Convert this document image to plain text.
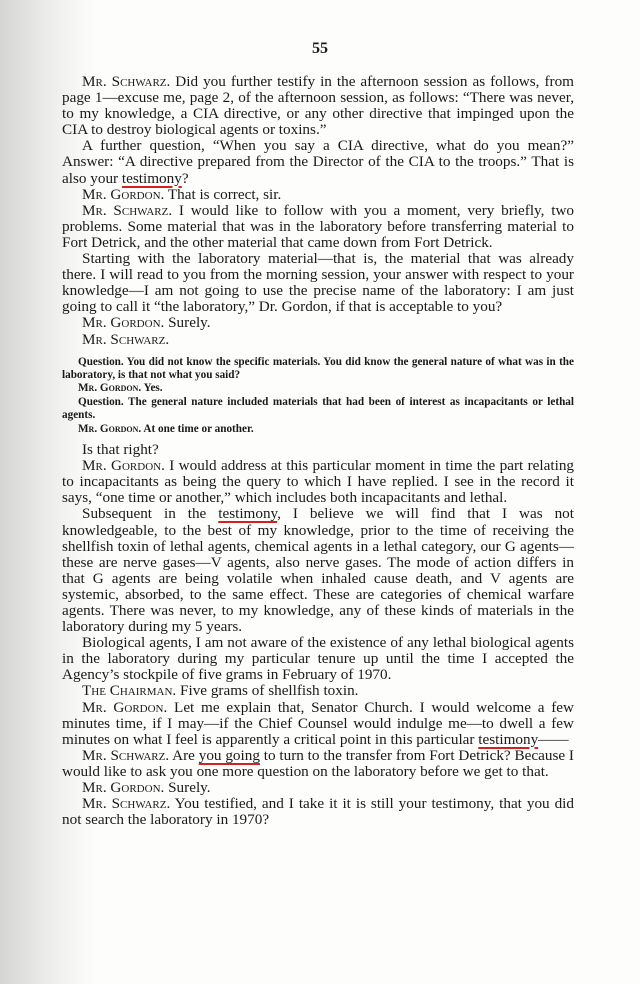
55

Mr. Schwarz. Did you further testify in the afternoon session as follows, from page 1—excuse me, page 2, of the afternoon session, as follows: “There was never, to my knowledge, a CIA directive, or any other directive that impinged upon the CIA to destroy biological agents or toxins.”

A further question, “When you say a CIA directive, what do you mean?” Answer: “A directive prepared from the Director of the CIA to the troops.” That is also your testimony?

Mr. Gordon. That is correct, sir.

Mr. Schwarz. I would like to follow with you a moment, very briefly, two problems. Some material that was in the laboratory before transferring material to Fort Detrick, and the other material that came down from Fort Detrick.

Starting with the laboratory material—that is, the material that was already there. I will read to you from the morning session, your answer with respect to your knowledge—I am not going to use the precise name of the laboratory: I am just going to call it “the laboratory,” Dr. Gordon, if that is acceptable to you?

Mr. Gordon. Surely.

Mr. Schwarz.

Question. You did not know the specific materials. You did know the general nature of what was in the laboratory, is that not what you said?

Mr. Gordon. Yes.

Question. The general nature included materials that had been of interest as incapacitants or lethal agents.

Mr. Gordon. At one time or another.

Is that right?

Mr. Gordon. I would address at this particular moment in time the part relating to incapacitants as being the query to which I have replied. I see in the record it says, “one time or another,” which includes both incapacitants and lethal.

Subsequent in the testimony, I believe we will find that I was not knowledgeable, to the best of my knowledge, prior to the time of receiving the shellfish toxin of lethal agents, chemical agents in a lethal category, our G agents—these are nerve gases—V agents, also nerve gases. The mode of action differs in that G agents are being volatile when inhaled cause death, and V agents are systemic, absorbed, to the same effect. These are categories of chemical warfare agents. There was never, to my knowledge, any of these kinds of materials in the laboratory during my 5 years.

Biological agents, I am not aware of the existence of any lethal biological agents in the laboratory during my particular tenure up until the time I accepted the Agency’s stockpile of five grams in February of 1970.

The Chairman. Five grams of shellfish toxin.

Mr. Gordon. Let me explain that, Senator Church. I would welcome a few minutes time, if I may—if the Chief Counsel would indulge me—to dwell a few minutes on what I feel is apparently a critical point in this particular testimony——

Mr. Schwarz. Are you going to turn to the transfer from Fort Detrick? Because I would like to ask you one more question on the laboratory before we get to that.

Mr. Gordon. Surely.

Mr. Schwarz. You testified, and I take it it is still your testimony, that you did not search the laboratory in 1970?
